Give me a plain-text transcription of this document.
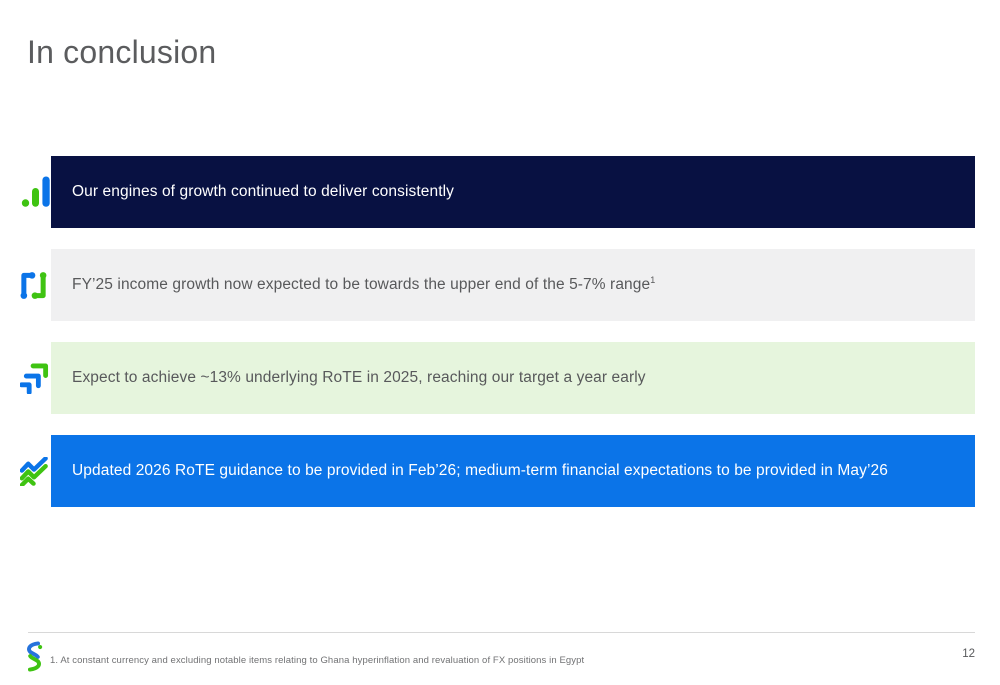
In conclusion
Our engines of growth continued to deliver consistently
FY’25 income growth now expected to be towards the upper end of the 5-7% range$^1$
Expect to achieve ~13% underlying RoTE in 2025, reaching our target a year early
Updated 2026 RoTE guidance to be provided in Feb’26; medium-term financial expectations to be provided in May’26
1. At constant currency and excluding notable items relating to Ghana hyperinflation and revaluation of FX positions in Egypt
12
